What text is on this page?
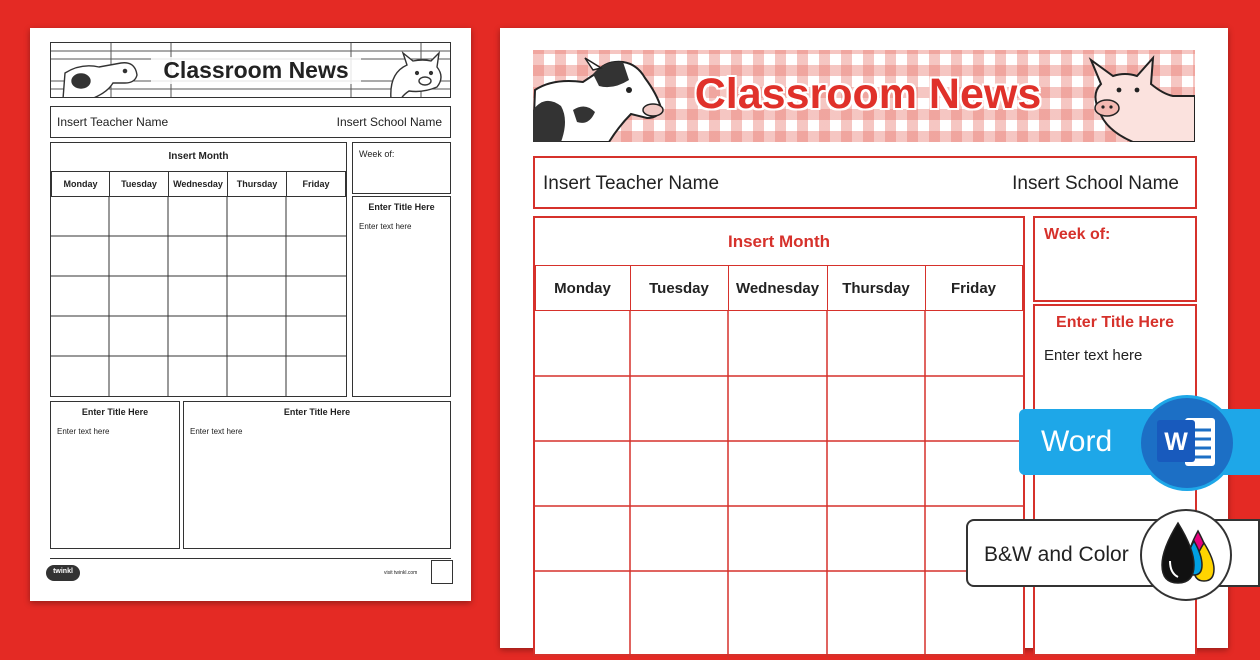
Classroom News
Insert Teacher Name	Insert School Name
Insert Month
Monday	Tuesday	Wednesday	Thursday	Friday
Week of:
Enter Title Here
Enter text here
Enter Title Here
Enter text here
Enter Title Here
Enter text here
twinkl	visit twinkl.com
Classroom News
Insert Teacher Name	Insert School Name
Insert Month
Monday	Tuesday	Wednesday	Thursday	Friday
Week of:
Enter Title Here
Enter text here
Word W
B&W and Color
